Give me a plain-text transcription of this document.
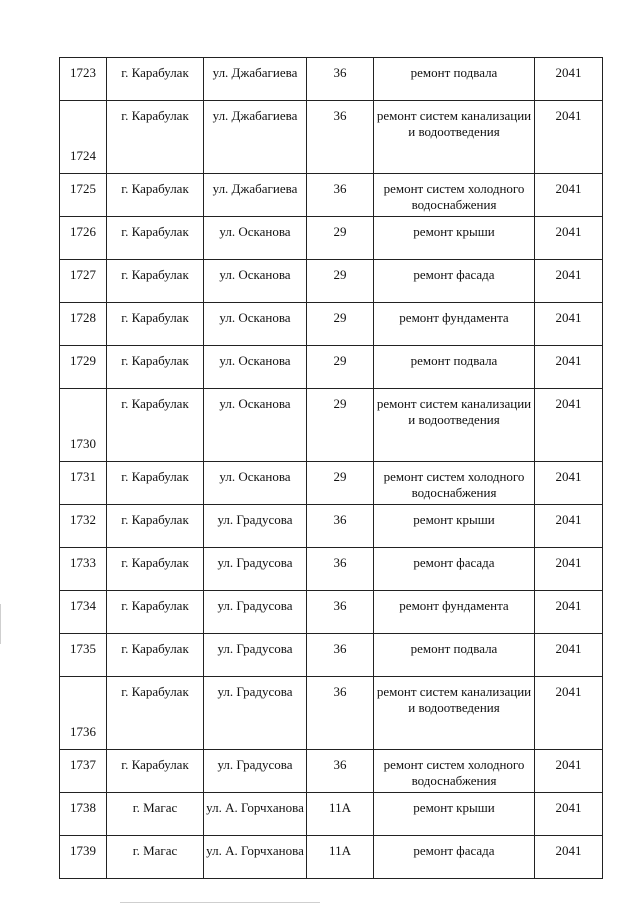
1723	г. Карабулак	ул. Джабагиева	36	ремонт подвала	2041

1724	г. Карабулак	ул. Джабагиева	36	ремонт систем канализации и водоотведения	2041

1725	г. Карабулак	ул. Джабагиева	36	ремонт систем холодного водоснабжения	2041

1726	г. Карабулак	ул. Осканова	29	ремонт крыши	2041

1727	г. Карабулак	ул. Осканова	29	ремонт фасада	2041

1728	г. Карабулак	ул. Осканова	29	ремонт фундамента	2041

1729	г. Карабулак	ул. Осканова	29	ремонт подвала	2041

1730	г. Карабулак	ул. Осканова	29	ремонт систем канализации и водоотведения	2041

1731	г. Карабулак	ул. Осканова	29	ремонт систем холодного водоснабжения	2041

1732	г. Карабулак	ул. Градусова	36	ремонт крыши	2041

1733	г. Карабулак	ул. Градусова	36	ремонт фасада	2041

1734	г. Карабулак	ул. Градусова	36	ремонт фундамента	2041

1735	г. Карабулак	ул. Градусова	36	ремонт подвала	2041

1736	г. Карабулак	ул. Градусова	36	ремонт систем канализации и водоотведения	2041

1737	г. Карабулак	ул. Градусова	36	ремонт систем холодного водоснабжения	2041

1738	г. Магас	ул. А. Горчханова	11А	ремонт крыши	2041

1739	г. Магас	ул. А. Горчханова	11А	ремонт фасада	2041
